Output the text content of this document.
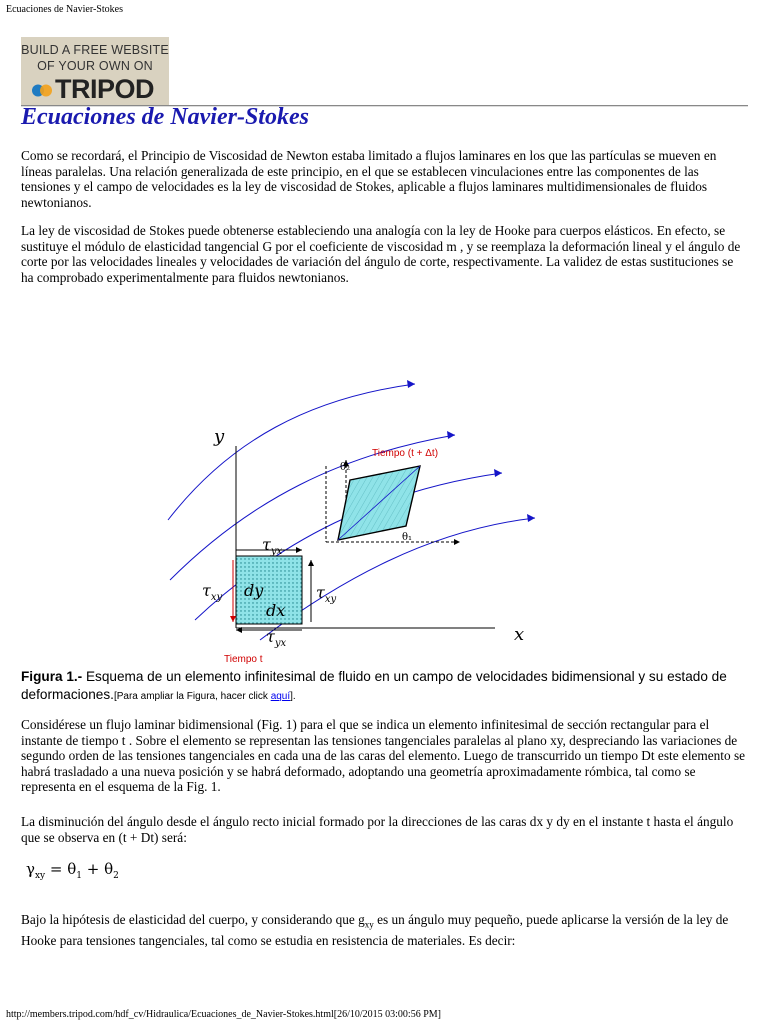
Ecuaciones de Navier-Stokes
BUILD A FREE WEBSITE
OF YOUR OWN ON
TRIPOD
Ecuaciones de Navier-Stokes

Como se recordará, el Principio de Viscosidad de Newton estaba limitado a flujos laminares en los que las partículas se mueven en líneas paralelas. Una relación generalizada de este principio, en el que se establecen vinculaciones entre las componentes de las tensiones y el campo de velocidades es la ley de viscosidad de Stokes, aplicable a flujos laminares multidimensionales de fluidos newtonianos.

La ley de viscosidad de Stokes puede obtenerse estableciendo una analogía con la ley de Hooke para cuerpos elásticos. En efecto, se sustituye el módulo de elasticidad tangencial G por el coeficiente de viscosidad m , y se reemplaza la deformación lineal y el ángulo de corte por las velocidades lineales y velocidades de variación del ángulo de corte, respectivamente. La validez de estas sustituciones se ha comprobado experimentalmente para fluidos newtonianos.

y
x
$\tau_{yx}$
$\tau_{xy}$	$\tau_{xy}$
$\tau_{yx}$
dy
dx
Tiempo t
Tiempo (t + Δt)
θ₂
θ₁

Figura 1.- Esquema de un elemento infinitesimal de fluido en un campo de velocidades bidimensional y su estado de deformaciones.[Para ampliar la Figura, hacer click aquí].

Considérese un flujo laminar bidimensional (Fig. 1) para el que se indica un elemento infinitesimal de sección rectangular para el instante de tiempo t . Sobre el elemento se representan las tensiones tangenciales paralelas al plano xy, despreciando las variaciones de segundo orden de las tensiones tangenciales en cada una de las caras del elemento. Luego de transcurrido un tiempo Dt este elemento se habrá trasladado a una nueva posición y se habrá deformado, adoptando una geometría aproximadamente rómbica, tal como se representa en el esquema de la Fig. 1.

La disminución del ángulo desde el ángulo recto inicial formado por la direcciones de las caras dx y dy en el instante t hasta el ángulo que se observa en (t + Dt) será:

$\gamma_{xy} = \theta_1 + \theta_2$

Bajo la hipótesis de elasticidad del cuerpo, y considerando que $g_{xy}$ es un ángulo muy pequeño, puede aplicarse la versión de la ley de Hooke para tensiones tangenciales, tal como se estudia en resistencia de materiales. Es decir:

http://members.tripod.com/hdf_cv/Hidraulica/Ecuaciones_de_Navier-Stokes.html[26/10/2015 03:00:56 PM]
